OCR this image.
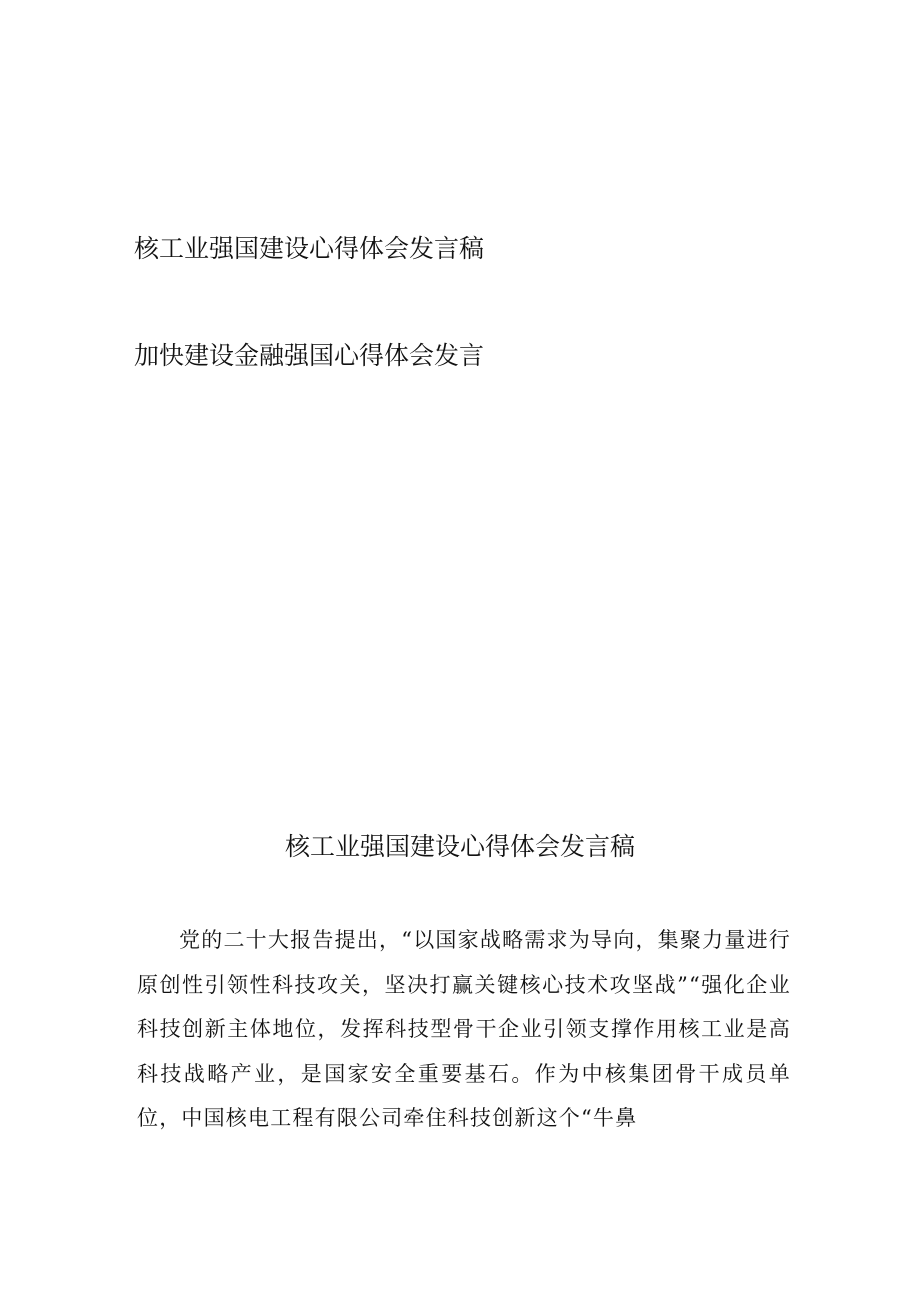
核工业强国建设心得体会发言稿
加快建设金融强国心得体会发言
核工业强国建设心得体会发言稿

党的二十大报告提出，“以国家战略需求为导向，集聚力量进行原创性引领性科技攻关，坚决打赢关键核心技术攻坚战”“强化企业科技创新主体地位，发挥科技型骨干企业引领支撑作用核工业是高科技战略产业，是国家安全重要基石。作为中核集团骨干成员单位，中国核电工程有限公司牵住科技创新这个“牛鼻
